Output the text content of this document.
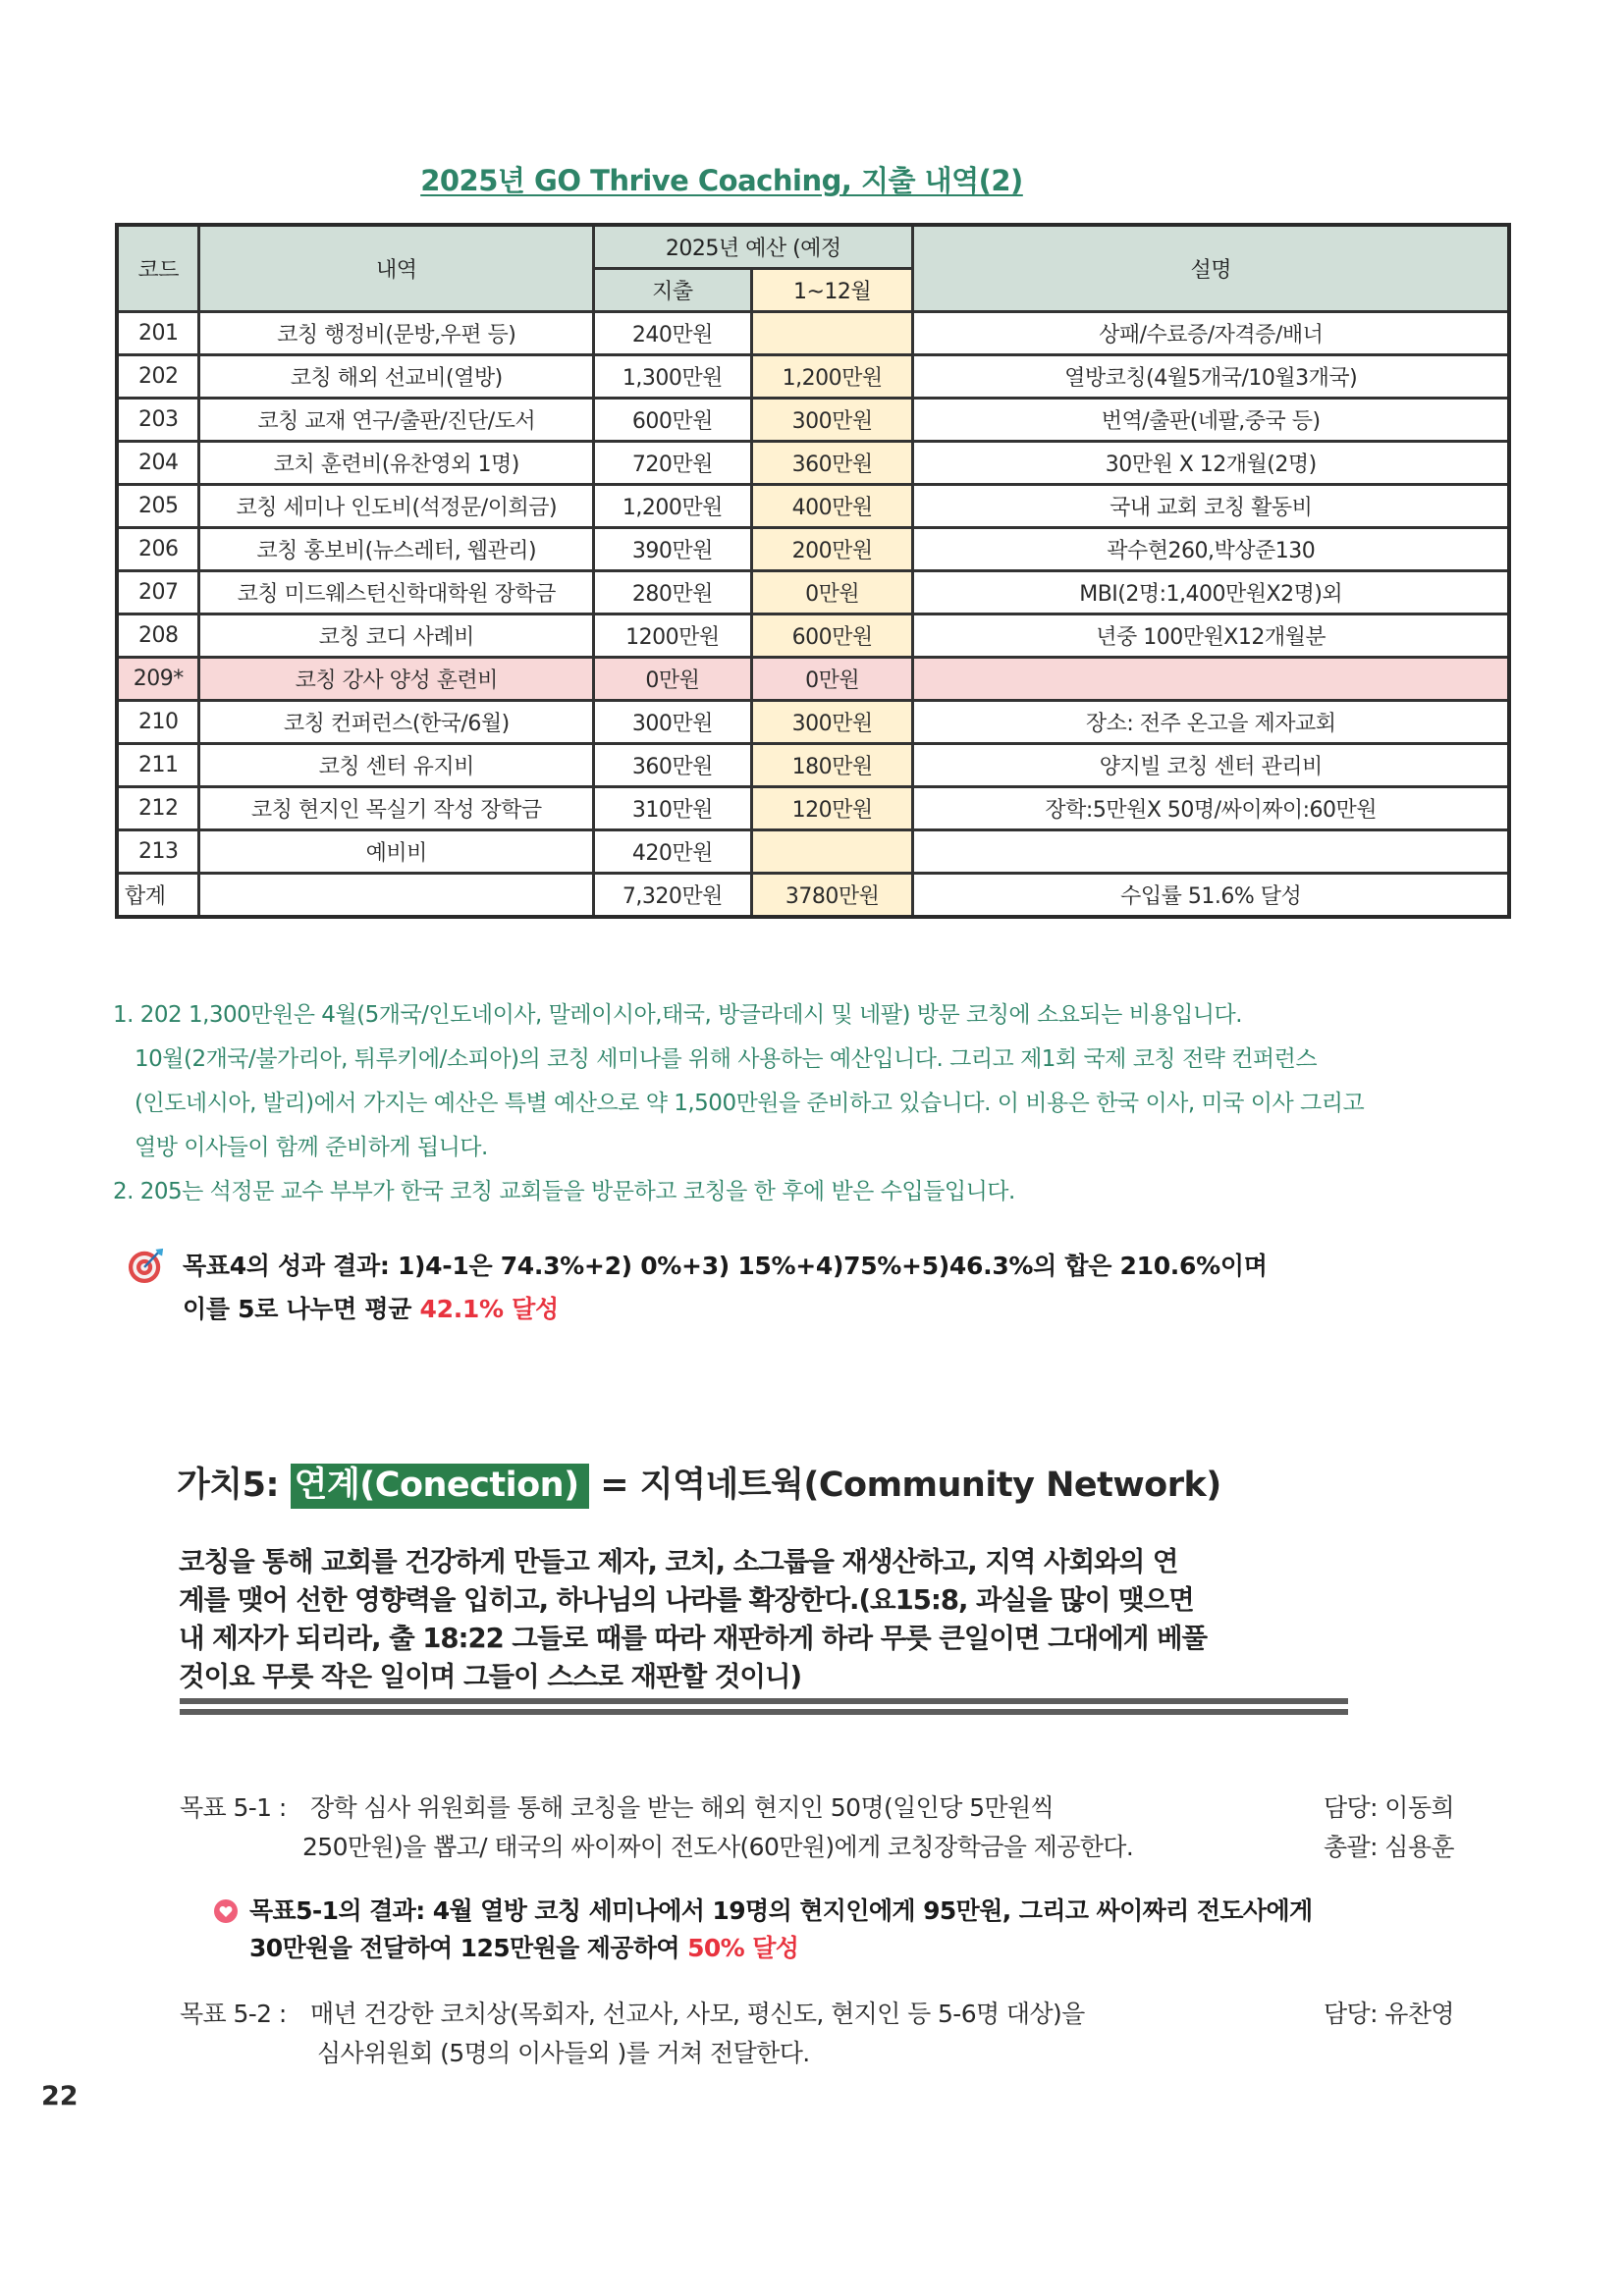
2025년 GO Thrive Coaching, 지출 내역(2)
코드	내역	2025년 예산 (예정		설명
		지출	1~12월	
201	코칭 행정비(문방,우편 등)	240만원		상패/수료증/자격증/배너
202	코칭 해외 선교비(열방)	1,300만원	1,200만원	열방코칭(4월5개국/10월3개국)
203	코칭 교재 연구/출판/진단/도서	600만원	300만원	번역/출판(네팔,중국 등)
204	코치 훈련비(유찬영외 1명)	720만원	360만원	30만원 X 12개월(2명)
205	코칭 세미나 인도비(석정문/이희금)	1,200만원	400만원	국내 교회 코칭 활동비
206	코칭 홍보비(뉴스레터, 웹관리)	390만원	200만원	곽수현260,박상준130
207	코칭 미드웨스턴신학대학원 장학금	280만원	0만원	MBI(2명:1,400만원X2명)외
208	코칭 코디 사례비	1200만원	600만원	년중 100만원X12개월분
209*	코칭 강사 양성 훈련비	0만원	0만원	
210	코칭 컨퍼런스(한국/6월)	300만원	300만원	장소: 전주 온고을 제자교회
211	코칭 센터 유지비	360만원	180만원	양지빌 코칭 센터 관리비
212	코칭 현지인 목실기 작성 장학금	310만원	120만원	장학:5만원X 50명/싸이짜이:60만원
213	예비비	420만원		
합계		7,320만원	3780만원	수입률 51.6% 달성
1. 202 1,300만원은 4월(5개국/인도네이사, 말레이시아,태국, 방글라데시 및 네팔) 방문 코칭에 소요되는 비용입니다.
10월(2개국/불가리아, 튀루키에/소피아)의 코칭 세미나를 위해 사용하는 예산입니다. 그리고 제1회 국제 코칭 전략 컨퍼런스
(인도네시아, 발리)에서 가지는 예산은 특별 예산으로 약 1,500만원을 준비하고 있습니다. 이 비용은 한국 이사, 미국 이사 그리고
열방 이사들이 함께 준비하게 됩니다.
2. 205는 석정문 교수 부부가 한국 코칭 교회들을 방문하고 코칭을 한 후에 받은 수입들입니다.
목표4의 성과 결과: 1)4-1은 74.3%+2) 0%+3) 15%+4)75%+5)46.3%의 합은 210.6%이며
이를 5로 나누면 평균 42.1% 달성
가치5: 연계(Conection) = 지역네트웍(Community Network)
코칭을 통해 교회를 건강하게 만들고 제자, 코치, 소그룹을 재생산하고, 지역 사회와의 연
계를 맺어 선한 영향력을 입히고, 하나님의 나라를 확장한다.(요15:8, 과실을 많이 맺으면
내 제자가 되리라, 출 18:22 그들로 때를 따라 재판하게 하라 무릇 큰일이면 그대에게 베풀
것이요 무릇 작은 일이며 그들이 스스로 재판할 것이니)
목표 5-1 : 장학 심사 위원회를 통해 코칭을 받는 해외 현지인 50명(일인당 5만원씩
250만원)을 뽑고/ 태국의 싸이짜이 전도사(60만원)에게 코칭장학금을 제공한다.
담당: 이동희
총괄: 심용훈
목표5-1의 결과: 4월 열방 코칭 세미나에서 19명의 현지인에게 95만원, 그리고 싸이짜리 전도사에게
30만원을 전달하여 125만원을 제공하여 50% 달성
목표 5-2 : 매년 건강한 코치상(목회자, 선교사, 사모, 평신도, 현지인 등 5-6명 대상)을
심사위원회 (5명의 이사들외 )를 거쳐 전달한다.
담당: 유찬영
22
